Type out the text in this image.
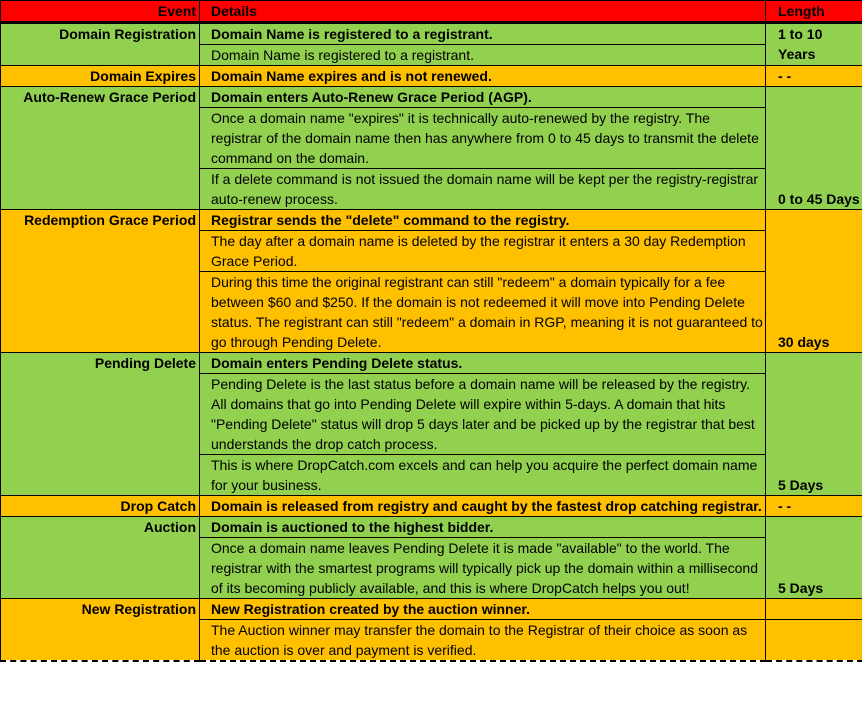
Event	Details	Length
Domain Registration	Domain Name is registered to a registrant.	1 to 10 Years
	Domain Name is registered to a registrant.	
Domain Expires	Domain Name expires and is not renewed.	- -
Auto-Renew Grace Period	Domain enters Auto-Renew Grace Period (AGP).	0 to 45 Days
	Once a domain name "expires" it is technically auto-renewed by the registry. The registrar of the domain name then has anywhere from 0 to 45 days to transmit the delete command on the domain.	
	If a delete command is not issued the domain name will be kept per the registry-registrar auto-renew process.	
Redemption Grace Period	Registrar sends the "delete" command to the registry.	30 days
	The day after a domain name is deleted by the registrar it enters a 30 day Redemption Grace Period.	
	During this time the original registrant can still "redeem" a domain typically for a fee between $60 and $250. If the domain is not redeemed it will move into Pending Delete status. The registrant can still "redeem" a domain in RGP, meaning it is not guaranteed to go through Pending Delete.	
Pending Delete	Domain enters Pending Delete status.	5 Days
	Pending Delete is the last status before a domain name will be released by the registry. All domains that go into Pending Delete will expire within 5-days. A domain that hits "Pending Delete" status will drop 5 days later and be picked up by the registrar that best understands the drop catch process.	
	This is where DropCatch.com excels and can help you acquire the perfect domain name for your business.	
Drop Catch	Domain is released from registry and caught by the fastest drop catching registrar.	- -
Auction	Domain is auctioned to the highest bidder.	5 Days
	Once a domain name leaves Pending Delete it is made "available" to the world. The registrar with the smartest programs will typically pick up the domain within a millisecond of its becoming publicly available, and this is where DropCatch helps you out!	
New Registration	New Registration created by the auction winner.	
	The Auction winner may transfer the domain to the Registrar of their choice as soon as the auction is over and payment is verified.	
